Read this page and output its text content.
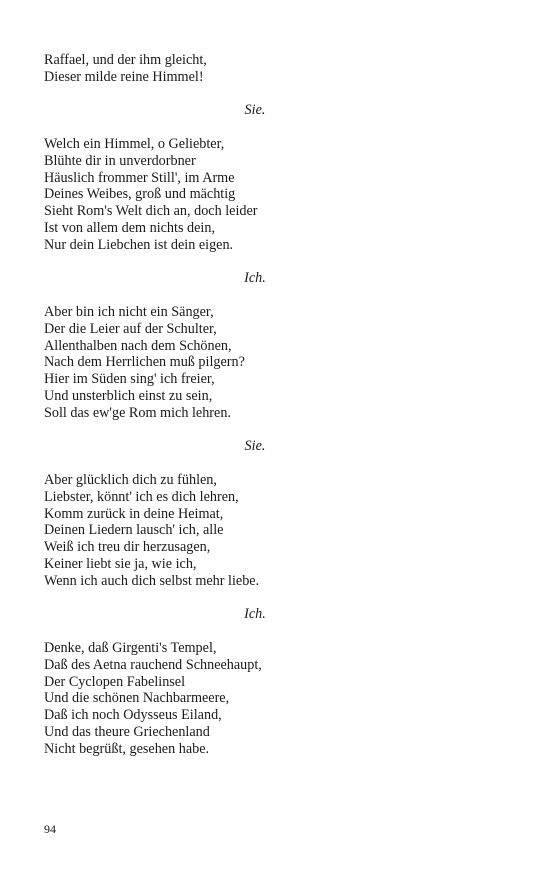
Raffael, und der ihm gleicht,
Dieser milde reine Himmel!
Sie.
Welch ein Himmel, o Geliebter,
Blühte dir in unverdorbner
Häuslich frommer Still', im Arme
Deines Weibes, groß und mächtig
Sieht Rom's Welt dich an, doch leider
Ist von allem dem nichts dein,
Nur dein Liebchen ist dein eigen.
Ich.
Aber bin ich nicht ein Sänger,
Der die Leier auf der Schulter,
Allenthalben nach dem Schönen,
Nach dem Herrlichen muß pilgern?
Hier im Süden sing' ich freier,
Und unsterblich einst zu sein,
Soll das ew'ge Rom mich lehren.
Sie.
Aber glücklich dich zu fühlen,
Liebster, könnt' ich es dich lehren,
Komm zurück in deine Heimat,
Deinen Liedern lausch' ich, alle
Weiß ich treu dir herzusagen,
Keiner liebt sie ja, wie ich,
Wenn ich auch dich selbst mehr liebe.
Ich.
Denke, daß Girgenti's Tempel,
Daß des Aetna rauchend Schneehaupt,
Der Cyclopen Fabelinsel
Und die schönen Nachbarmeere,
Daß ich noch Odysseus Eiland,
Und das theure Griechenland
Nicht begrüßt, gesehen habe.
94
